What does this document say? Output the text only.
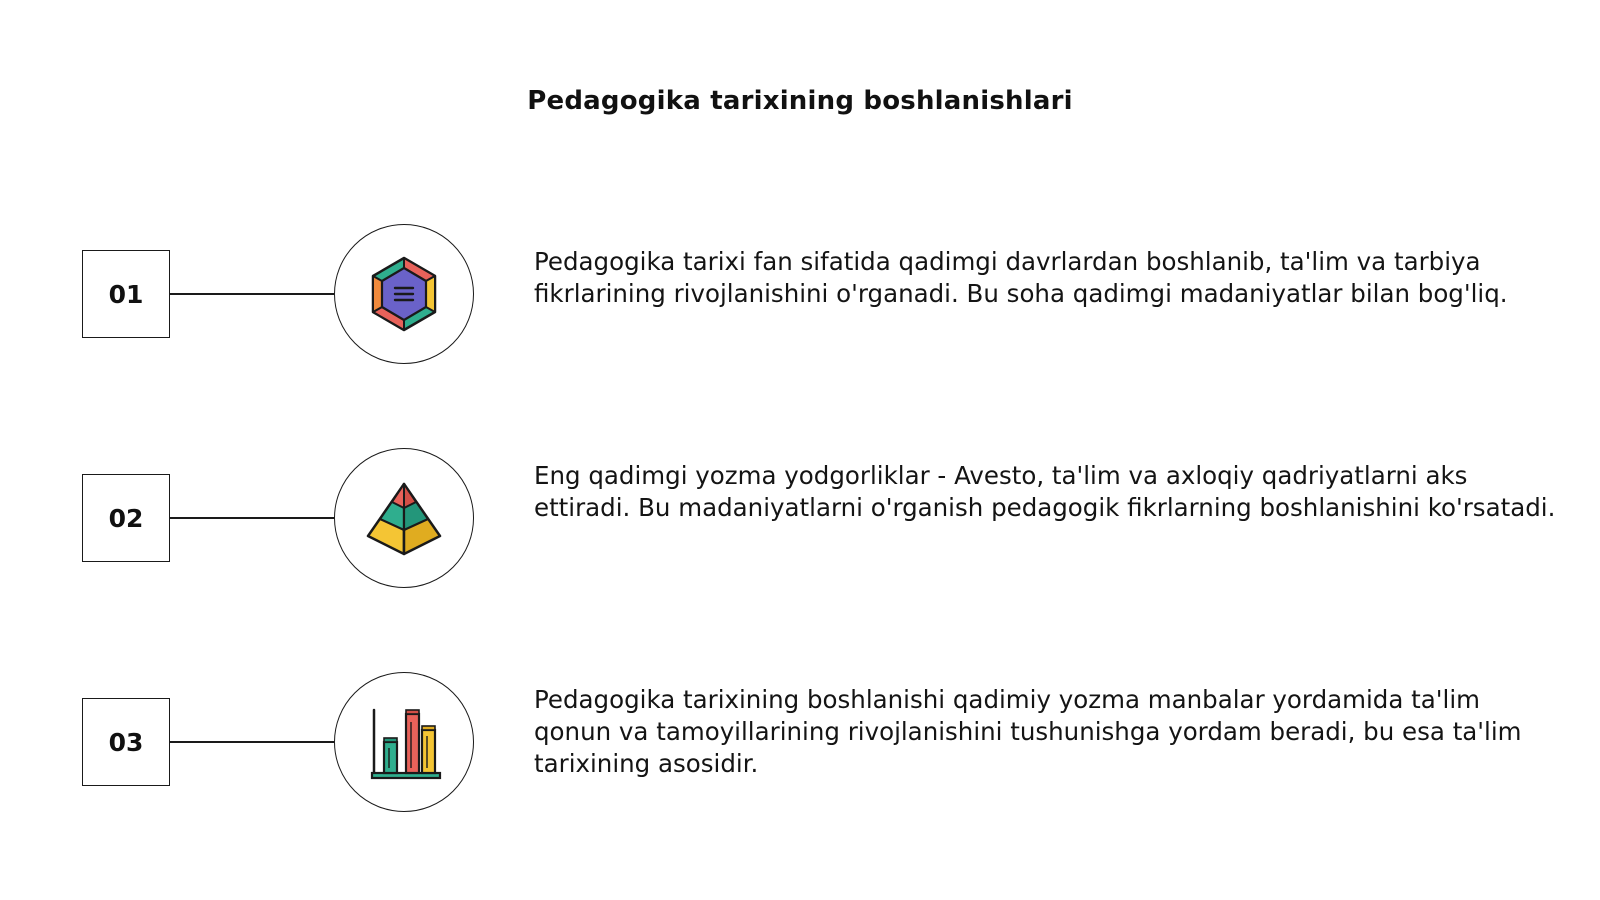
Pedagogika tarixining boshlanishlari
01
Pedagogika tarixi fan sifatida qadimgi davrlardan boshlanib, ta'lim va tarbiya fikrlarining rivojlanishini o'rganadi. Bu soha qadimgi madaniyatlar bilan bog'liq.
02
Eng qadimgi yozma yodgorliklar - Avesto, ta'lim va axloqiy qadriyatlarni aks ettiradi. Bu madaniyatlarni o'rganish pedagogik fikrlarning boshlanishini ko'rsatadi.
03
Pedagogika tarixining boshlanishi qadimiy yozma manbalar yordamida ta'lim qonun va tamoyillarining rivojlanishini tushunishga yordam beradi, bu esa ta'lim tarixining asosidir.
